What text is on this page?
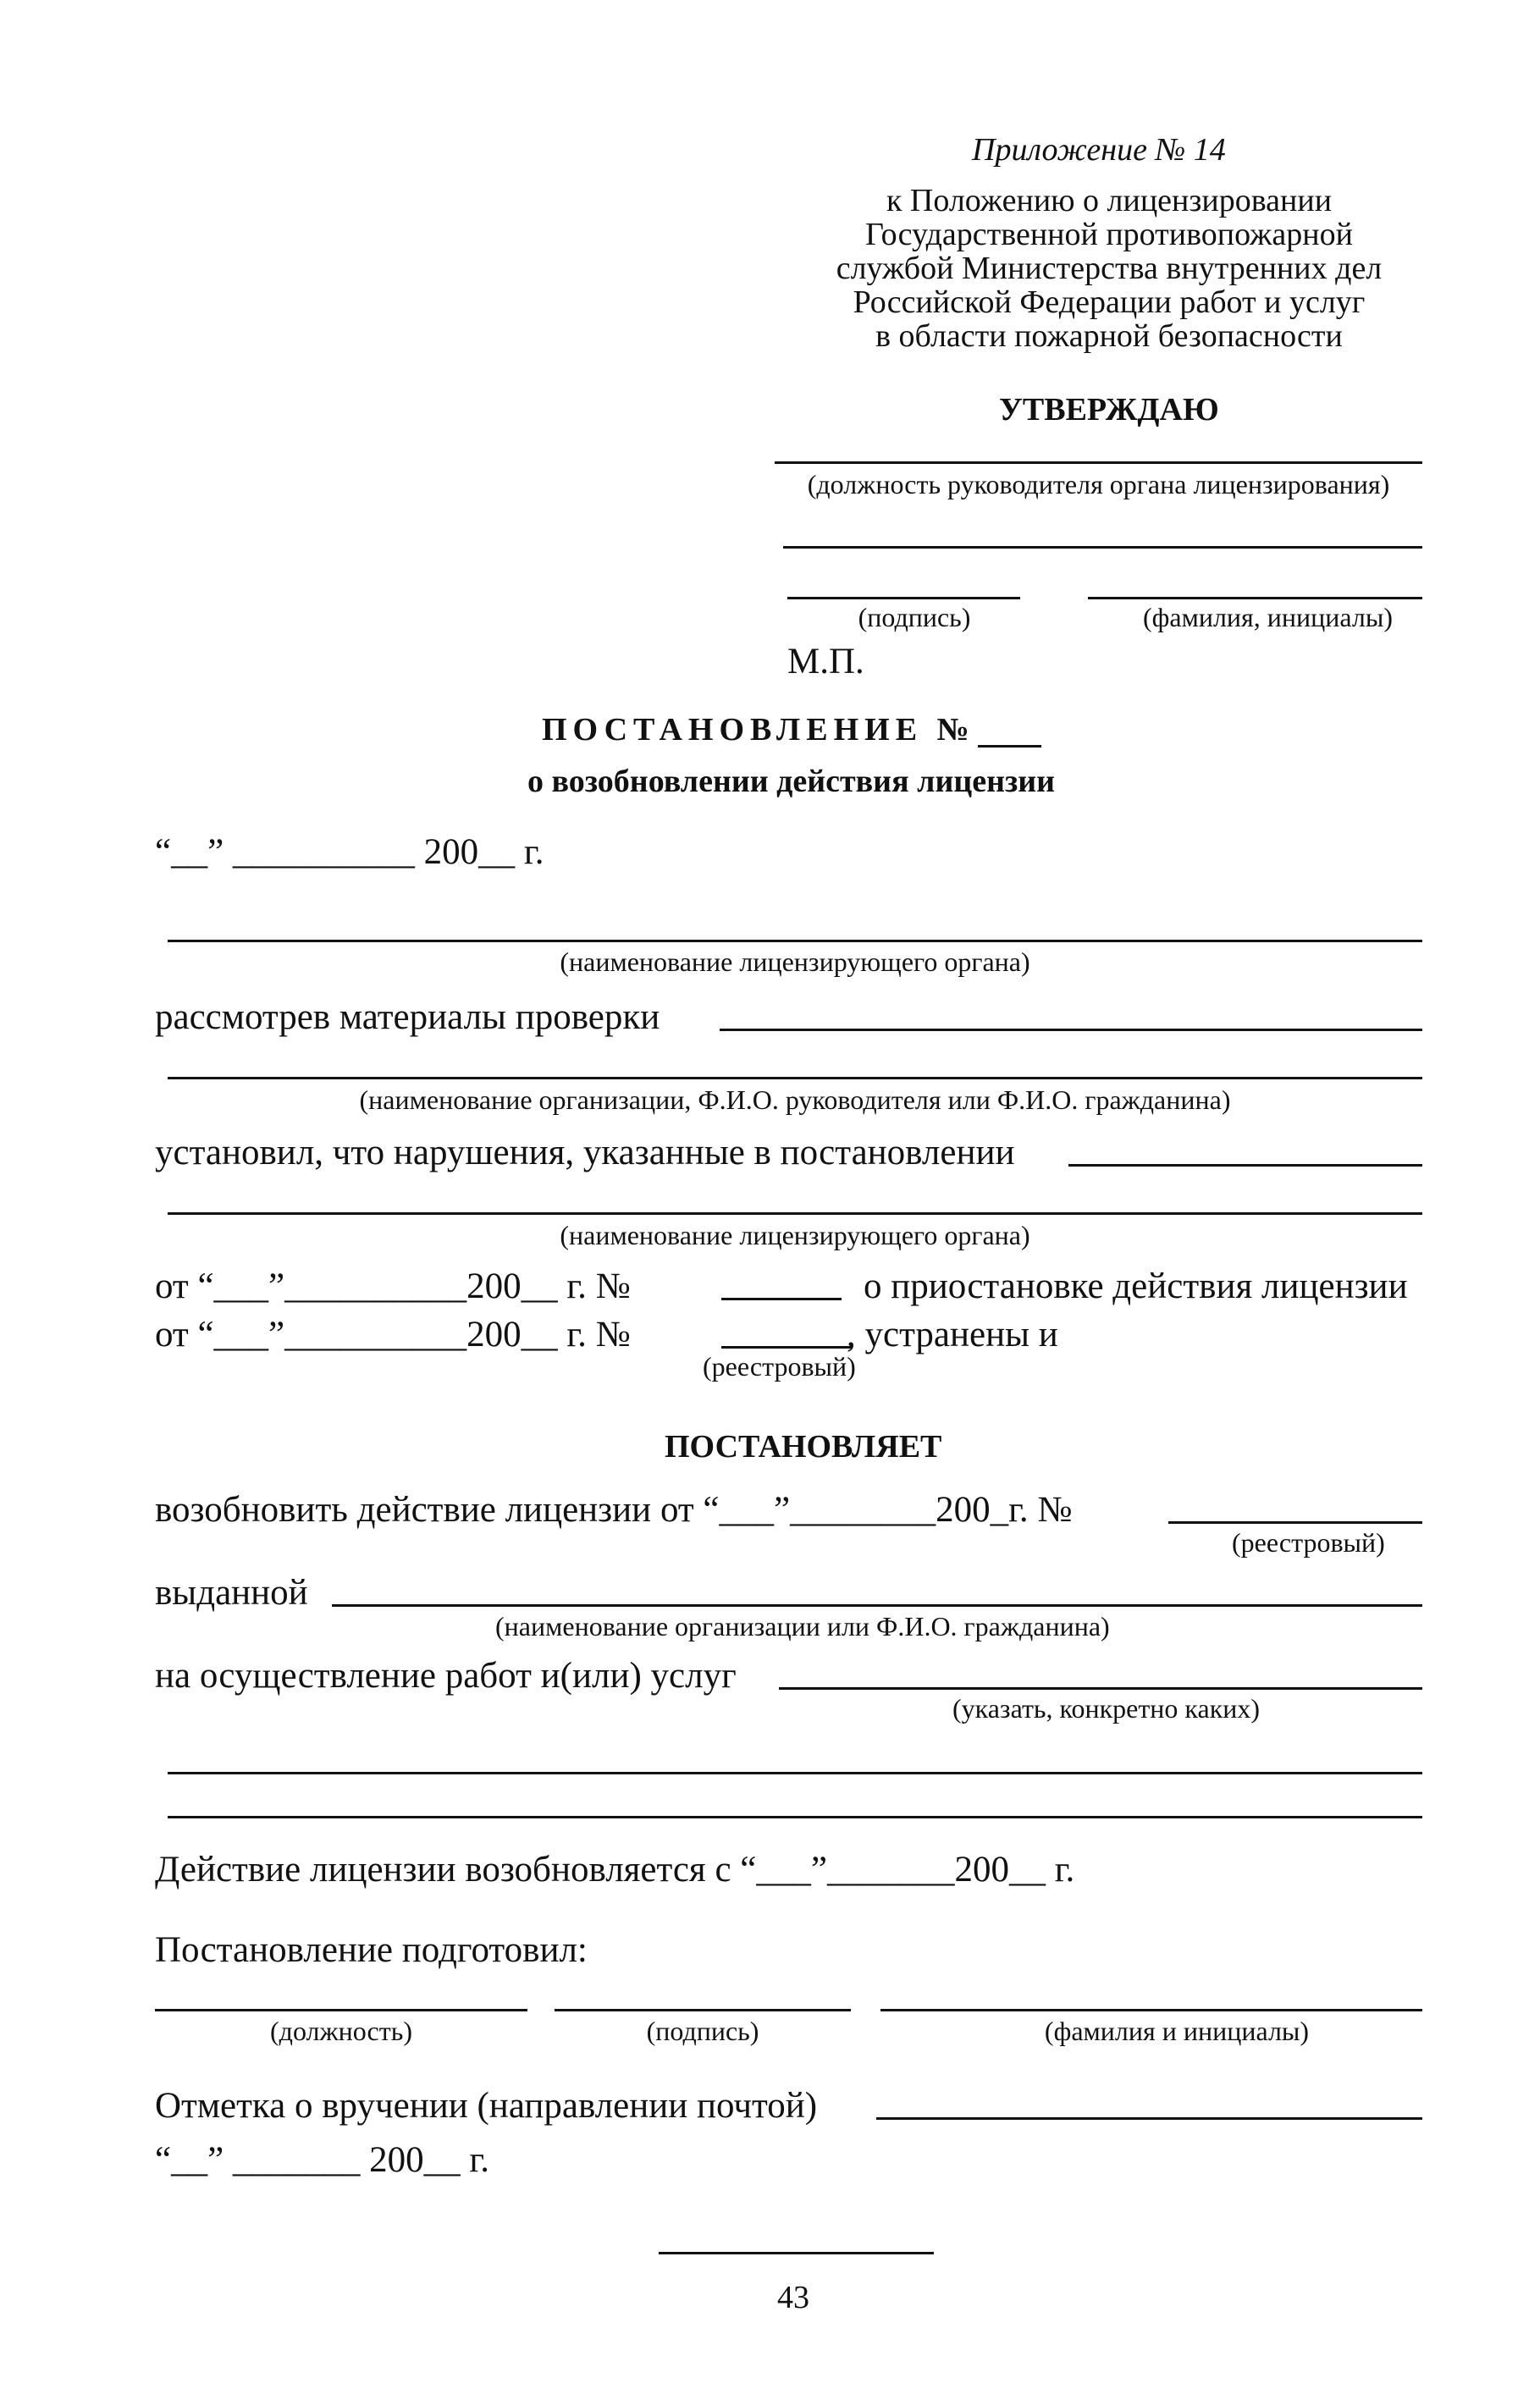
Приложение № 14
к Положению о лицензировании
Государственной противопожарной
службой Министерства внутренних дел
Российской Федерации работ и услуг
в области пожарной безопасности
УТВЕРЖДАЮ
(должность руководителя органа лицензирования)
(подпись)	(фамилия, инициалы)
М.П.
ПОСТАНОВЛЕНИЕ №
о возобновлении действия лицензии
“__” __________ 200__ г.
(наименование лицензирующего органа)
рассмотрев материалы проверки
(наименование организации, Ф.И.О. руководителя или Ф.И.О. гражданина)
установил, что нарушения, указанные в постановлении
(наименование лицензирующего органа)
от “___”__________200__ г. №	о приостановке действия лицензии
от “___”__________200__ г. №	, устранены и
(реестровый)
ПОСТАНОВЛЯЕТ
возобновить действие лицензии от “___”________200_г. №
(реестровый)
выданной
(наименование организации или Ф.И.О. гражданина)
на осуществление работ и(или) услуг
(указать, конкретно каких)
Действие лицензии возобновляется с “___”_______200__ г.
Постановление подготовил:
(должность)	(подпись)	(фамилия и инициалы)
Отметка о вручении (направлении почтой)
“__” _______ 200__ г.
43
